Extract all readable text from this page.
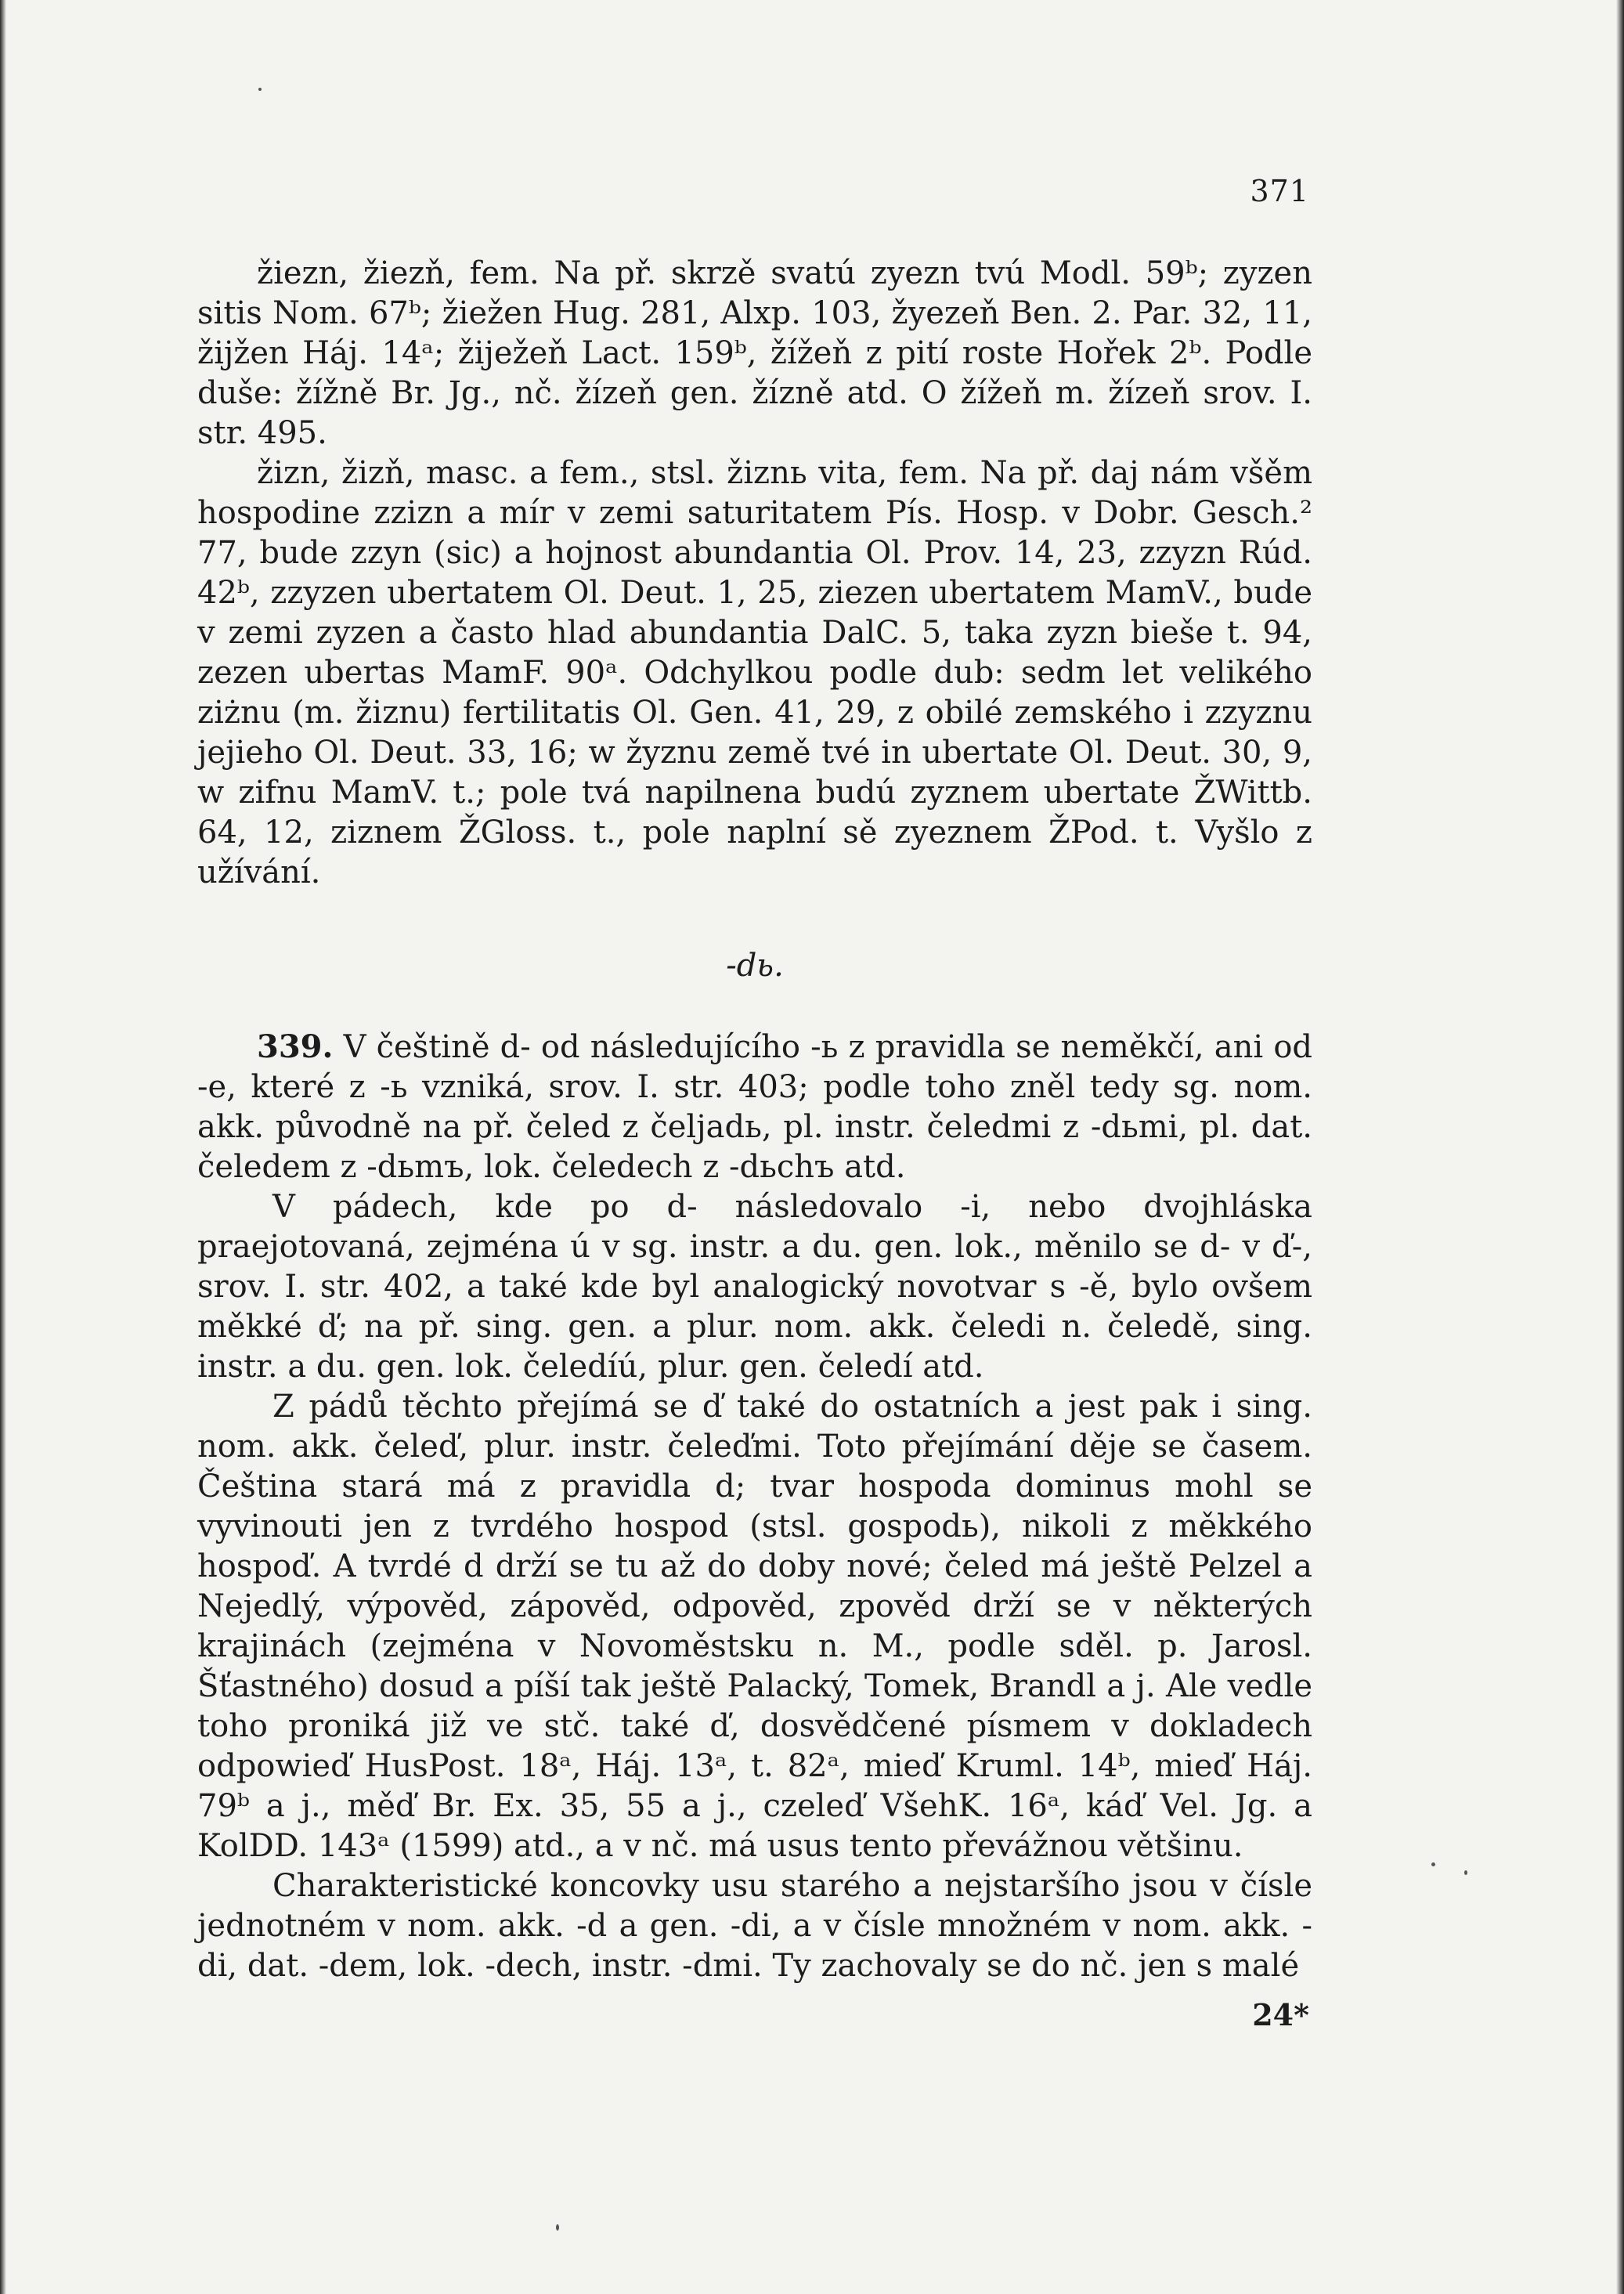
371

žiezn, žiezň, fem. Na př. skrzě svatú zyezn tvú Modl. 59ᵇ; zyzen sitis Nom. 67ᵇ; žiežen Hug. 281, Alxp. 103, žyezeň Ben. 2. Par. 32, 11, žijžen Háj. 14ᵃ; žiježeň Lact. 159ᵇ, žížeň z pití roste Hořek 2ᵇ. Podle duše: žížně Br. Jg., nč. žízeň gen. žízně atd. O žížeň m. žízeň srov. I. str. 495.

žizn, žizň, masc. a fem., stsl. žiznь vita, fem. Na př. daj nám všěm hospodine zzizn a mír v zemi saturitatem Pís. Hosp. v Dobr. Gesch.² 77, bude zzyn (sic) a hojnost abundantia Ol. Prov. 14, 23, zzyzn Rúd. 42ᵇ, zzyzen ubertatem Ol. Deut. 1, 25, ziezen ubertatem MamV., bude v zemi zyzen a často hlad abundantia DalC. 5, taka zyzn bieše t. 94, zezen ubertas MamF. 90ᵃ. Odchylkou podle dub: sedm let velikého ziżnu (m. žiznu) fertilitatis Ol. Gen. 41, 29, z obilé zemského i zzyznu jejieho Ol. Deut. 33, 16; w žyznu země tvé in ubertate Ol. Deut. 30, 9, w zifnu MamV. t.; pole tvá napilnena budú zyznem ubertate ŽWittb. 64, 12, ziznem ŽGloss. t., pole naplní sě zyeznem ŽPod. t. Vyšlo z užívání.

-dь.

339. V češtině d- od následujícího -ь z pravidla se neměkčí, ani od -e, které z -ь vzniká, srov. I. str. 403; podle toho zněl tedy sg. nom. akk. původně na př. čeled z čeljadь, pl. instr. čeledmi z -dьmi, pl. dat. čeledem z -dьmъ, lok. čeledech z -dьchъ atd.

V pádech, kde po d- následovalo -i, nebo dvojhláska praejotovaná, zejména ú v sg. instr. a du. gen. lok., měnilo se d- v ď-, srov. I. str. 402, a také kde byl analogický novotvar s -ě, bylo ovšem měkké ď; na př. sing. gen. a plur. nom. akk. čeledi n. čeledě, sing. instr. a du. gen. lok. čeledíú, plur. gen. čeledí atd.

Z pádů těchto přejímá se ď také do ostatních a jest pak i sing. nom. akk. čeleď, plur. instr. čeleďmi. Toto přejímání děje se časem. Čeština stará má z pravidla d; tvar hospoda dominus mohl se vyvinouti jen z tvrdého hospod (stsl. gospodь), nikoli z měkkého hospoď. A tvrdé d drží se tu až do doby nové; čeled má ještě Pelzel a Nejedlý, výpověd, zápověd, odpověd, zpověd drží se v některých krajinách (zejména v Novoměstsku n. M., podle sděl. p. Jarosl. Šťastného) dosud a píší tak ještě Palacký, Tomek, Brandl a j. Ale vedle toho proniká již ve stč. také ď, dosvědčené písmem v dokladech odpowieď HusPost. 18ᵃ, Háj. 13ᵃ, t. 82ᵃ, mieď Kruml. 14ᵇ, mieď Háj. 79ᵇ a j., měď Br. Ex. 35, 55 a j., czeleď VšehK. 16ᵃ, káď Vel. Jg. a KolDD. 143ᵃ (1599) atd., a v nč. má usus tento převážnou většinu.

Charakteristické koncovky usu starého a nejstaršího jsou v čísle jednotném v nom. akk. -d a gen. -di, a v čísle množném v nom. akk. -di, dat. -dem, lok. -dech, instr. -dmi. Ty zachovaly se do nč. jen s malé

24*
